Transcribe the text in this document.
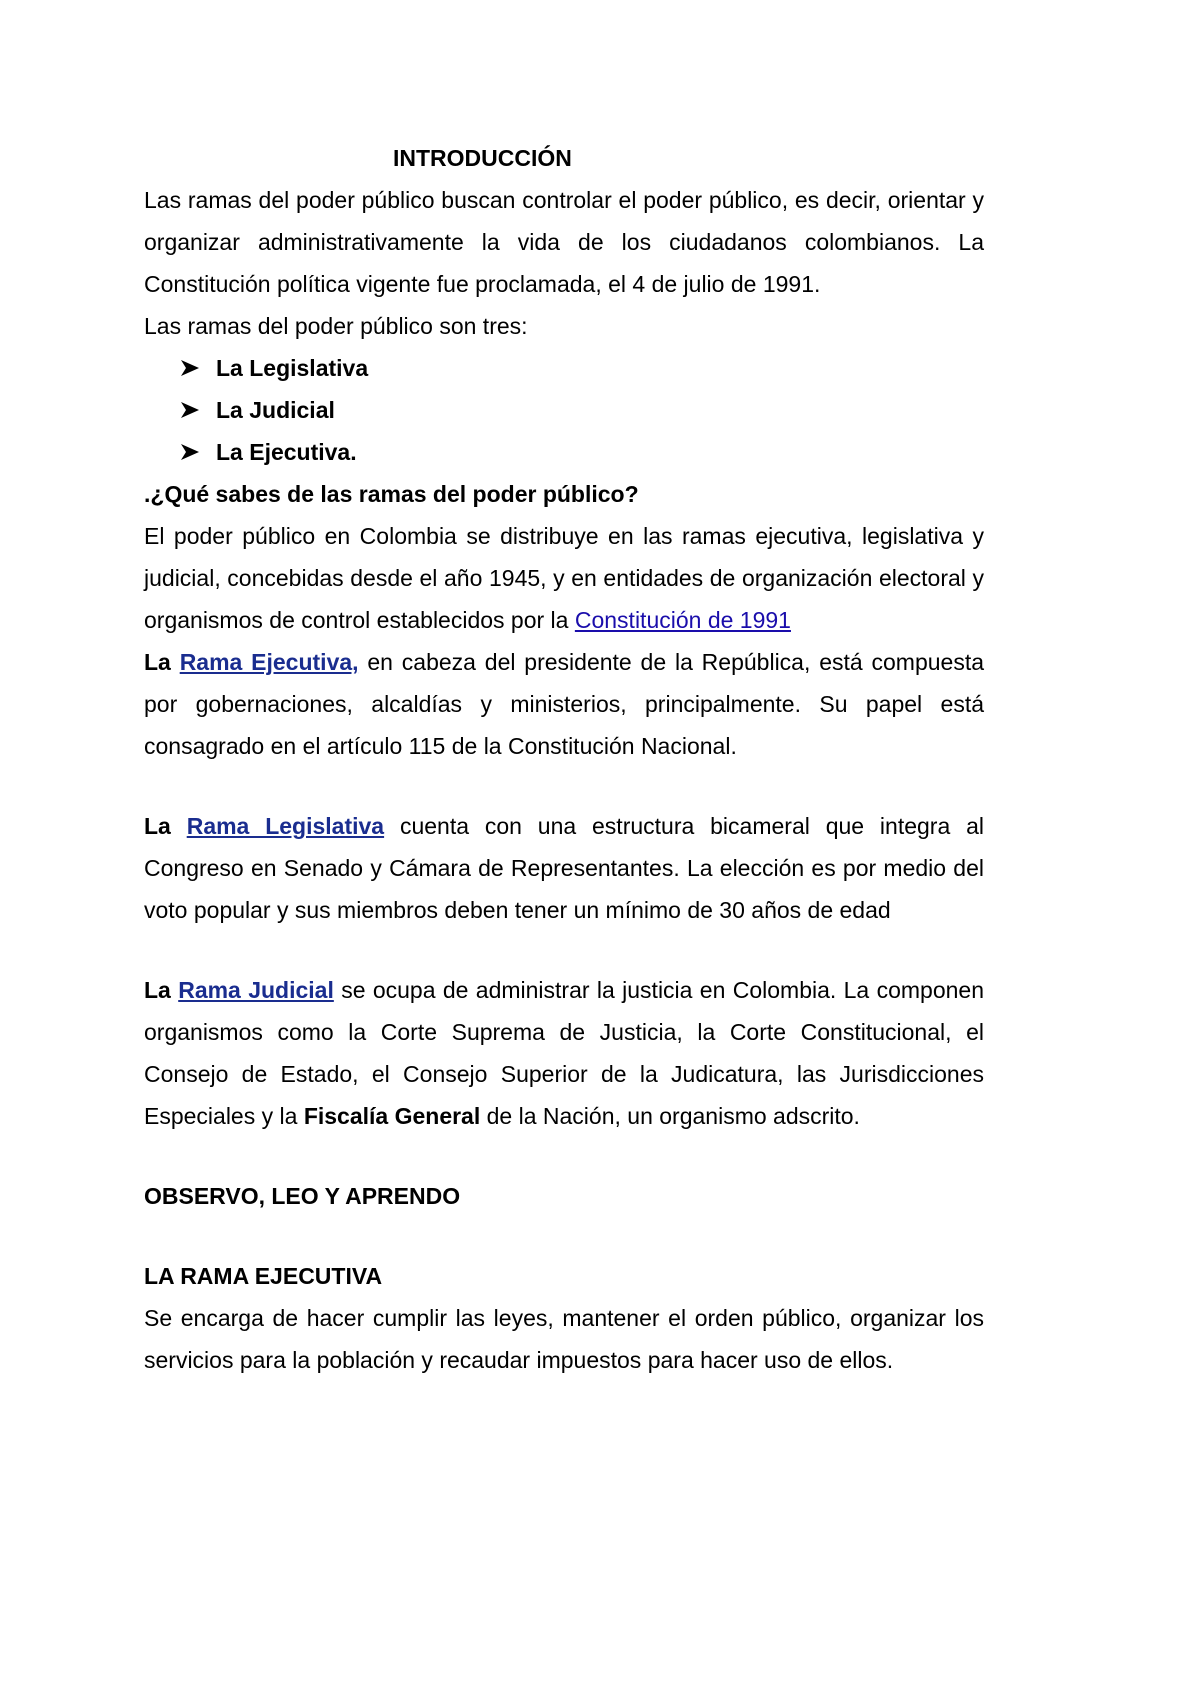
INTRODUCCIÓN

Las ramas del poder público buscan controlar el poder público, es decir, orientar y organizar administrativamente la vida de los ciudadanos colombianos. La Constitución política vigente fue proclamada, el 4 de julio de 1991.

Las ramas del poder público son tres:

La Legislativa
La Judicial
La Ejecutiva.

.¿Qué sabes de las ramas del poder público?

El poder público en Colombia se distribuye en las ramas ejecutiva, legislativa y judicial, concebidas desde el año 1945, y en entidades de organización electoral y organismos de control establecidos por la Constitución de 1991

La Rama Ejecutiva, en cabeza del presidente de la República, está compuesta por gobernaciones, alcaldías y ministerios, principalmente. Su papel está consagrado en el artículo 115 de la Constitución Nacional.

La Rama Legislativa cuenta con una estructura bicameral que integra al Congreso en Senado y Cámara de Representantes. La elección es por medio del voto popular y sus miembros deben tener un mínimo de 30 años de edad

La Rama Judicial se ocupa de administrar la justicia en Colombia. La componen organismos como la Corte Suprema de Justicia, la Corte Constitucional, el Consejo de Estado, el Consejo Superior de la Judicatura, las Jurisdicciones Especiales y la Fiscalía General de la Nación, un organismo adscrito.

OBSERVO, LEO Y APRENDO

LA RAMA EJECUTIVA

Se encarga de hacer cumplir las leyes, mantener el orden público, organizar los servicios para la población y recaudar impuestos para hacer uso de ellos.
